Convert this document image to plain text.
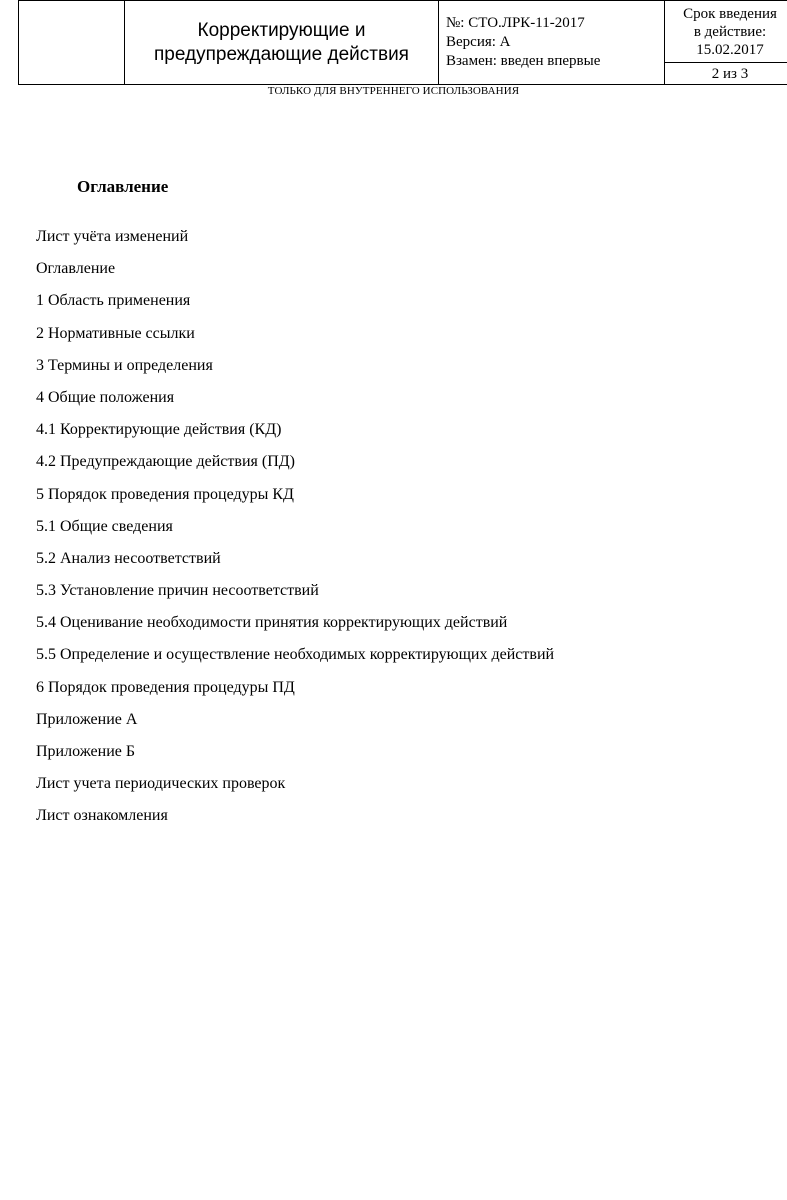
Корректирующие и
предупреждающие действия

№: СТО.ЛРК-11-2017
Версия: А
Взамен: введен впервые

Срок введения
в действие:
15.02.2017

2 из 3
ТОЛЬКО ДЛЯ ВНУТРЕННЕГО ИСПОЛЬЗОВАНИЯ
Оглавление
Лист учёта изменений
Оглавление
1 Область применения
2 Нормативные ссылки
3 Термины и определения
4 Общие положения
4.1 Корректирующие действия (КД)
4.2 Предупреждающие действия (ПД)
5 Порядок проведения процедуры КД
5.1 Общие сведения
5.2 Анализ несоответствий
5.3 Установление причин несоответствий
5.4 Оценивание необходимости принятия корректирующих действий
5.5 Определение и осуществление необходимых корректирующих действий
6 Порядок проведения процедуры ПД
Приложение А
Приложение Б
Лист учета периодических проверок
Лист ознакомления
